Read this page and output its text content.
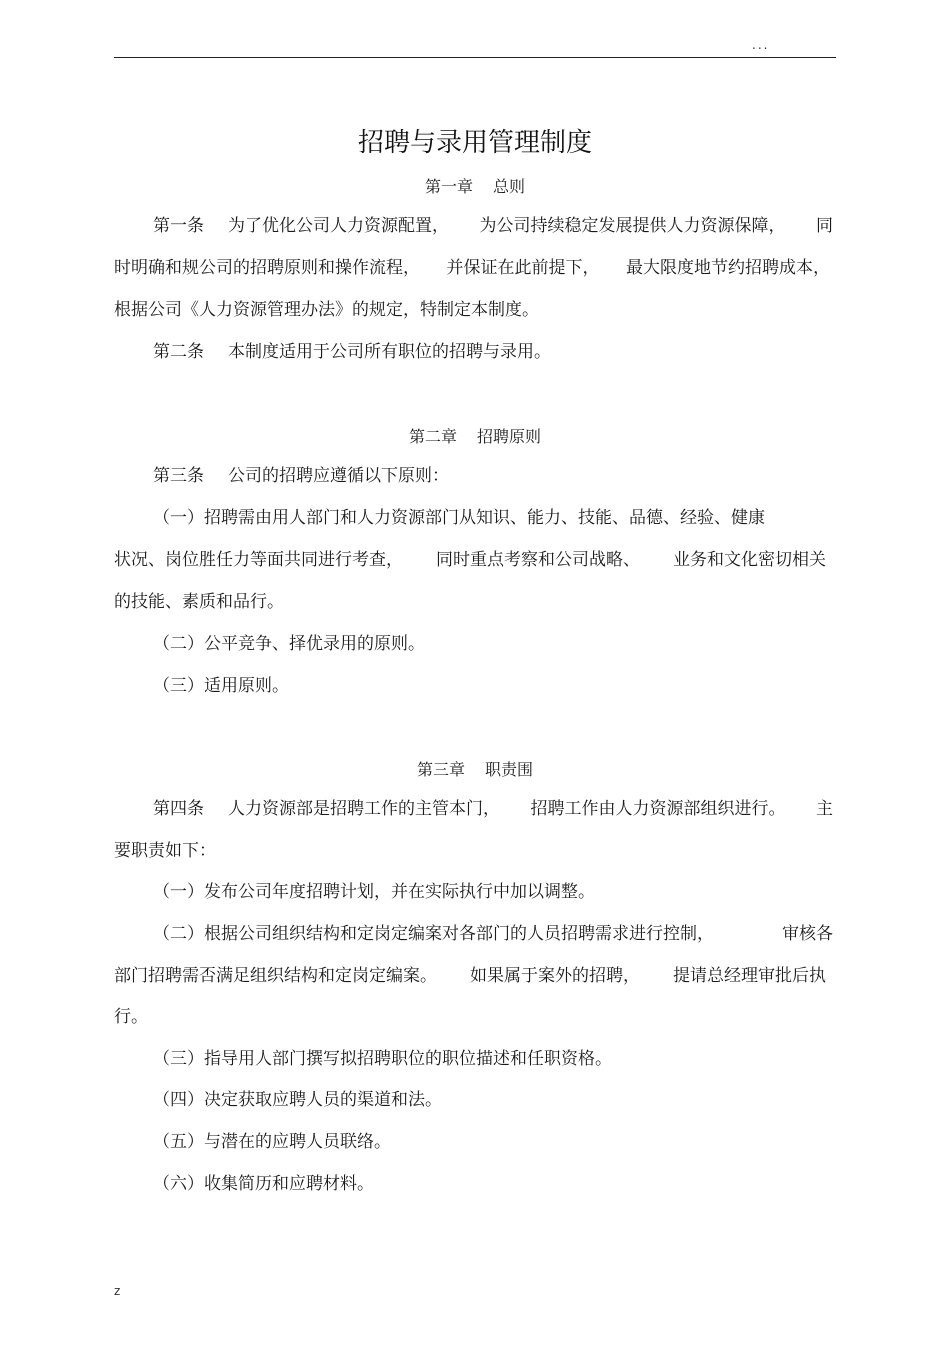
...
招聘与录用管理制度
第一章 总则
第一条 为了优化公司人力资源配置， 为公司持续稳定发展提供人力资源保障， 同
时明确和规公司的招聘原则和操作流程， 并保证在此前提下， 最大限度地节约招聘成本，
根据公司《人力资源管理办法》的规定，特制定本制度。
第二条 本制度适用于公司所有职位的招聘与录用。
第二章 招聘原则
第三条 公司的招聘应遵循以下原则：
（一）招聘需由用人部门和人力资源部门从知识、能力、技能、品德、经验、健康
状况、岗位胜任力等面共同进行考查， 同时重点考察和公司战略、 业务和文化密切相关
的技能、素质和品行。
（二）公平竞争、择优录用的原则。
（三）适用原则。
第三章 职责围
第四条 人力资源部是招聘工作的主管本门， 招聘工作由人力资源部组织进行。 主
要职责如下：
（一）发布公司年度招聘计划，并在实际执行中加以调整。
（二）根据公司组织结构和定岗定编案对各部门的人员招聘需求进行控制，	审核各
部门招聘需否满足组织结构和定岗定编案。 如果属于案外的招聘， 提请总经理审批后执
行。
（三）指导用人部门撰写拟招聘职位的职位描述和任职资格。
（四）决定获取应聘人员的渠道和法。
（五）与潜在的应聘人员联络。
（六）收集简历和应聘材料。
z
